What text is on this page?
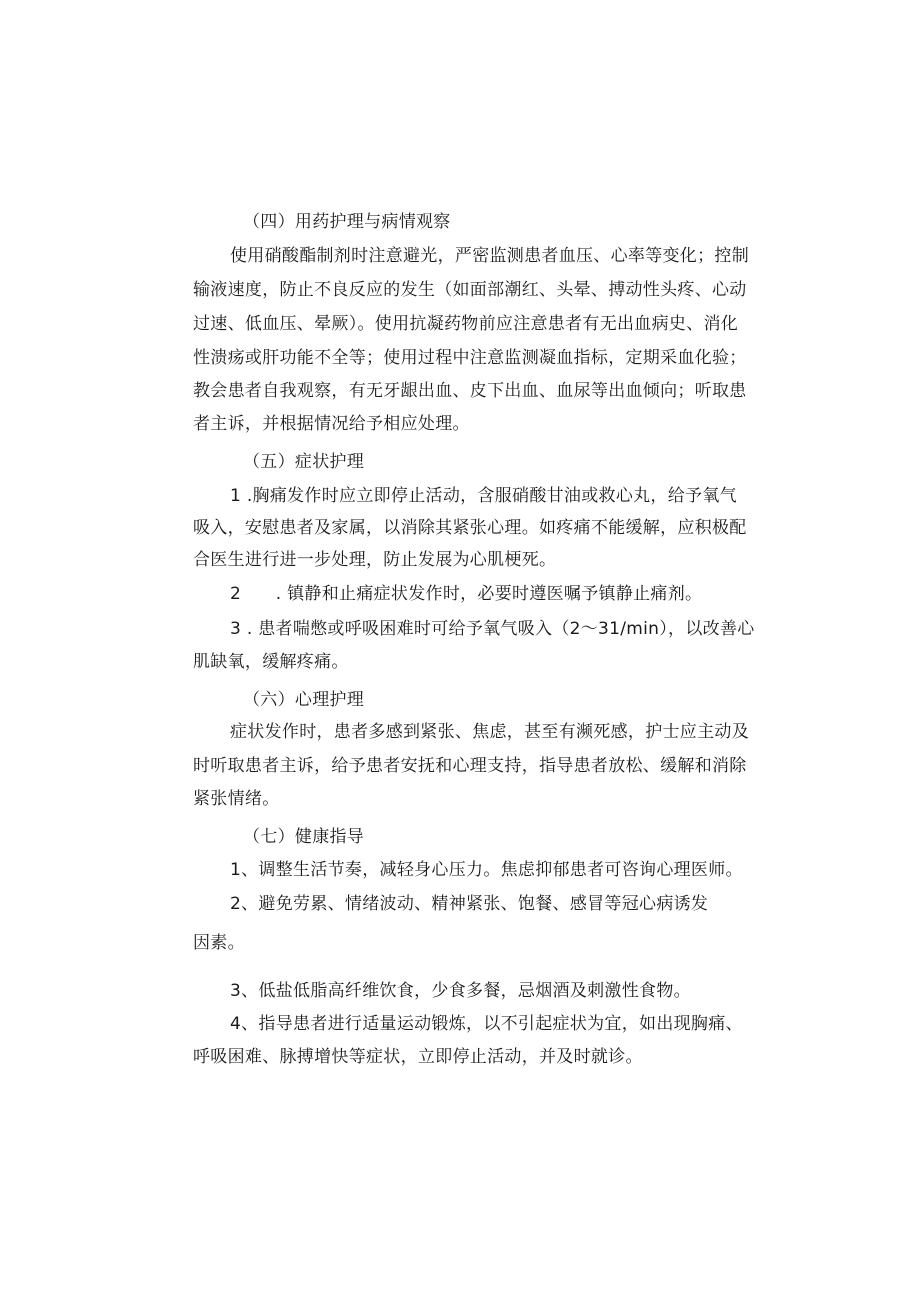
（四）用药护理与病情观察
使用硝酸酯制剂时注意避光，严密监测患者血压、心率等变化；控制
输液速度，防止不良反应的发生（如面部潮红、头晕、搏动性头疼、心动
过速、低血压、晕厥）。使用抗凝药物前应注意患者有无出血病史、消化
性溃疡或肝功能不全等；使用过程中注意监测凝血指标，定期采血化验；
教会患者自我观察，有无牙龈出血、皮下出血、血尿等出血倾向；听取患
者主诉，并根据情况给予相应处理。
（五）症状护理
1 .胸痛发作时应立即停止活动，含服硝酸甘油或救心丸，给予氧气
吸入，安慰患者及家属，以消除其紧张心理。如疼痛不能缓解，应积极配
合医生进行进一步处理，防止发展为心肌梗死。
2　　. 镇静和止痛症状发作时，必要时遵医嘱予镇静止痛剂。
3 . 患者喘憋或呼吸困难时可给予氧气吸入（2～31/min），以改善心
肌缺氧，缓解疼痛。
（六）心理护理
症状发作时，患者多感到紧张、焦虑，甚至有濒死感，护士应主动及
时听取患者主诉，给予患者安抚和心理支持，指导患者放松、缓解和消除
紧张情绪。
（七）健康指导
1、调整生活节奏，减轻身心压力。焦虑抑郁患者可咨询心理医师。
2、避免劳累、情绪波动、精神紧张、饱餐、感冒等冠心病诱发
因素。
3、低盐低脂高纤维饮食，少食多餐，忌烟酒及刺激性食物。
4、指导患者进行适量运动锻炼，以不引起症状为宜，如出现胸痛、
呼吸困难、脉搏增快等症状，立即停止活动，并及时就诊。
